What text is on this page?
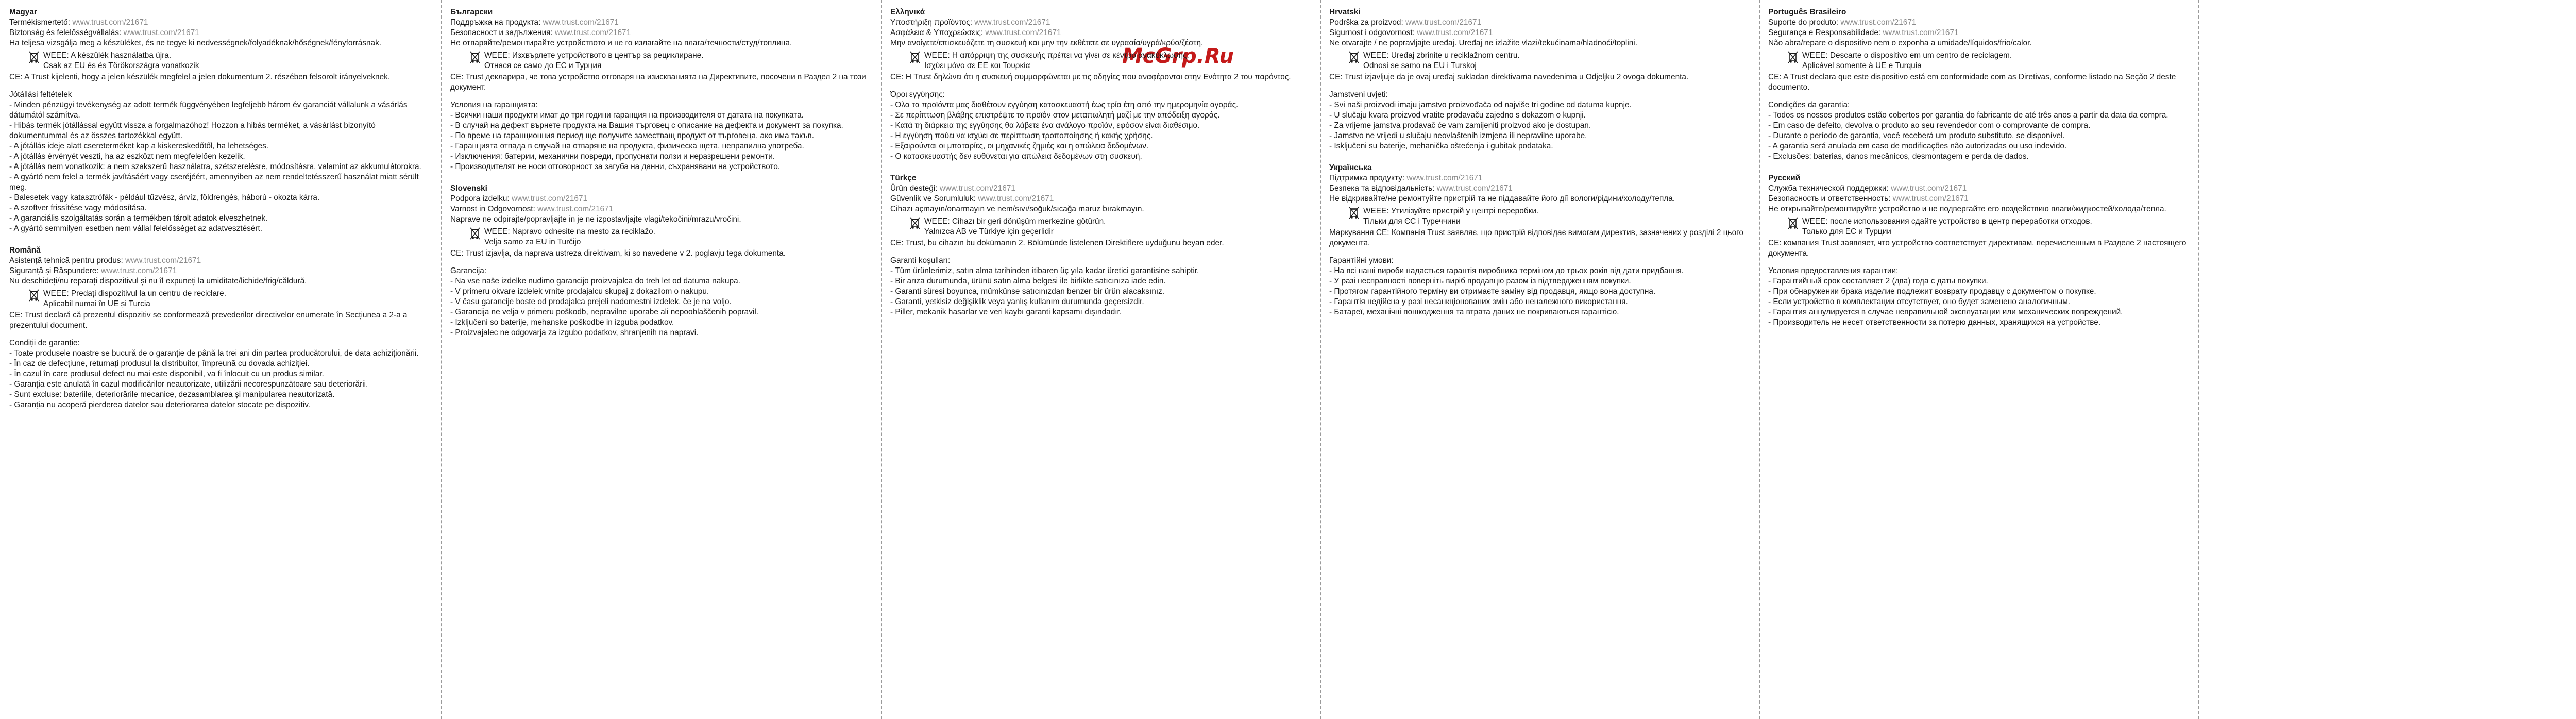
McGrp.Ru
Magyar
Termékismertető: www.trust.com/21671
Biztonság és felelősségvállalás: www.trust.com/21671
Ha teljesa vizsgálja meg a készüléket, és ne tegye ki nedvességnek/folyadéknak/hőségnek/fényforrásnak.
WEEE: A készülék használatba újra.
Csak az EU és és Törökországra vonatkozik

CE: A Trust kijelenti, hogy a jelen készülék megfelel a jelen dokumentum 2. részében felsorolt irányelveknek.

Jótállási feltételek
- Minden pénzügyi tevékenység az adott termék függvényében legfeljebb három év garanciát vállalunk a vásárlás dátumától számítva.
- Hibás termék jótállással együtt vissza a forgalmazóhoz! Hozzon a hibás terméket, a vásárlást bizonyító dokumentummal és az összes tartozékkal együtt.
- A jótállás ideje alatt csereterméket kap a kiskereskedőtől, ha lehetséges.
- A jótállás érvényét veszti, ha az eszközt nem megfelelően kezelik.
- A jótállás nem vonatkozik: a nem szakszerű használatra, szétszerelésre, módosításra, valamint az akkumulátorokra.
- A gyártó nem felel a termék javításáért vagy cseréjéért, amennyiben az nem rendeltetésszerű használat miatt sérült meg.
- Balesetek vagy katasztrófák - például tűzvész, árvíz, földrengés, háború - okozta kárra.
- A szoftver frissítése vagy módosítása.
- A garanciális szolgáltatás során a termékben tárolt adatok elveszhetnek.
- A gyártó semmilyen esetben nem vállal felelősséget az adatvesztésért.
Română
Asistență tehnică pentru produs: www.trust.com/21671
Siguranță și Răspundere: www.trust.com/21671
Nu deschideți/nu reparați dispozitivul și nu îl expuneți la umiditate/lichide/frig/căldură.
WEEE: Predați dispozitivul la un centru de reciclare.
Aplicabil numai în UE și Turcia

CE: Trust declară că prezentul dispozitiv se conformează prevederilor directivelor enumerate în Secțiunea a 2-a a prezentului document.

Condiții de garanție:
- Toate produsele noastre se bucură de o garanție de până la trei ani din partea producătorului, de data achiziționării.
- În caz de defecțiune, returnați produsul la distribuitor, împreună cu dovada achiziției.
- În cazul în care produsul defect nu mai este disponibil, va fi înlocuit cu un produs similar.
- Garanția este anulată în cazul modificărilor neautorizate, utilizării necorespunzătoare sau deteriorării.
- Sunt excluse: bateriile, deteriorările mecanice, dezasamblarea și manipularea neautorizată.
- Garanția nu acoperă pierderea datelor sau deteriorarea datelor stocate pe dispozitiv.
Български
Поддръжка на продукта: www.trust.com/21671
Безопасност и задължения: www.trust.com/21671
Не отваряйте/ремонтирайте устройството и не го излагайте на влага/течности/студ/топлина.
WEEE: Изхвърлете устройството в център за рециклиране.
Отнася се само до ЕС и Турция

CE: Trust декларира, че това устройство отговаря на изискванията на Директивите, посочени в Раздел 2 на този документ.

Условия на гаранцията:
- Всички наши продукти имат до три години гаранция на производителя от датата на покупката.
- В случай на дефект върнете продукта на Вашия търговец с описание на дефекта и документ за покупка.
- По време на гаранционния период ще получите заместващ продукт от търговеца, ако има такъв.
- Гаранцията отпада в случай на отваряне на продукта, физическа щета, неправилна употреба.
- Изключения: батерии, механични повреди, пропуснати ползи и неразрешени ремонти.
- Производителят не носи отговорност за загуба на данни, съхранявани на устройството.
Slovenski
Podpora izdelku: www.trust.com/21671
Varnost in Odgovornost: www.trust.com/21671
Naprave ne odpirajte/popravljajte in je ne izpostavljajte vlagi/tekočini/mrazu/vročini.
WEEE: Napravo odnesite na mesto za reciklažo.
Velja samo za EU in Turčijo

CE: Trust izjavlja, da naprava ustreza direktivam, ki so navedene v 2. poglavju tega dokumenta.

Garancija:
- Na vse naše izdelke nudimo garancijo proizvajalca do treh let od datuma nakupa.
- V primeru okvare izdelek vrnite prodajalcu skupaj z dokazilom o nakupu.
- V času garancije boste od prodajalca prejeli nadomestni izdelek, če je na voljo.
- Garancija ne velja v primeru poškodb, nepravilne uporabe ali nepooblaščenih popravil.
- Izključeni so baterije, mehanske poškodbe in izguba podatkov.
- Proizvajalec ne odgovarja za izgubo podatkov, shranjenih na napravi.
Ελληνικά
Υποστήριξη προϊόντος: www.trust.com/21671
Ασφάλεια & Υποχρεώσεις: www.trust.com/21671
Μην ανοίγετε/επισκευάζετε τη συσκευή και μην την εκθέτετε σε υγρασία/υγρά/κρύο/ζέστη.
WEEE: Η απόρριψη της συσκευής πρέπει να γίνει σε κέντρο ανακύκλωσης.
Ισχύει μόνο σε ΕΕ και Τουρκία

CE: Η Trust δηλώνει ότι η συσκευή συμμορφώνεται με τις οδηγίες που αναφέρονται στην Ενότητα 2 του παρόντος.

Όροι εγγύησης:
- Όλα τα προϊόντα μας διαθέτουν εγγύηση κατασκευαστή έως τρία έτη από την ημερομηνία αγοράς.
- Σε περίπτωση βλάβης επιστρέψτε το προϊόν στον μεταπωλητή μαζί με την απόδειξη αγοράς.
- Κατά τη διάρκεια της εγγύησης θα λάβετε ένα ανάλογο προϊόν, εφόσον είναι διαθέσιμο.
- Η εγγύηση παύει να ισχύει σε περίπτωση τροποποίησης ή κακής χρήσης.
- Εξαιρούνται οι μπαταρίες, οι μηχανικές ζημιές και η απώλεια δεδομένων.
- Ο κατασκευαστής δεν ευθύνεται για απώλεια δεδομένων στη συσκευή.
Türkçe
Ürün desteği: www.trust.com/21671
Güvenlik ve Sorumluluk: www.trust.com/21671
Cihazı açmayın/onarmayın ve nem/sıvı/soğuk/sıcağa maruz bırakmayın.
WEEE: Cihazı bir geri dönüşüm merkezine götürün.
Yalnızca AB ve Türkiye için geçerlidir

CE: Trust, bu cihazın bu dokümanın 2. Bölümünde listelenen Direktiflere uyduğunu beyan eder.

Garanti koşulları:
- Tüm ürünlerimiz, satın alma tarihinden itibaren üç yıla kadar üretici garantisine sahiptir.
- Bir arıza durumunda, ürünü satın alma belgesi ile birlikte satıcınıza iade edin.
- Garanti süresi boyunca, mümkünse satıcınızdan benzer bir ürün alacaksınız.
- Garanti, yetkisiz değişiklik veya yanlış kullanım durumunda geçersizdir.
- Piller, mekanik hasarlar ve veri kaybı garanti kapsamı dışındadır.
Hrvatski
Podrška za proizvod: www.trust.com/21671
Sigurnost i odgovornost: www.trust.com/21671
Ne otvarajte / ne popravljajte uređaj. Uređaj ne izlažite vlazi/tekućinama/hladnoći/toplini.
WEEE: Uređaj zbrinite u reciklažnom centru.
Odnosi se samo na EU i Turskoj

CE: Trust izjavljuje da je ovaj uređaj sukladan direktivama navedenima u Odjeljku 2 ovoga dokumenta.

Jamstveni uvjeti:
- Svi naši proizvodi imaju jamstvo proizvođača od najviše tri godine od datuma kupnje.
- U slučaju kvara proizvod vratite prodavaču zajedno s dokazom o kupnji.
- Za vrijeme jamstva prodavač će vam zamijeniti proizvod ako je dostupan.
- Jamstvo ne vrijedi u slučaju neovlaštenih izmjena ili nepravilne uporabe.
- Isključeni su baterije, mehanička oštećenja i gubitak podataka.
Українська
Підтримка продукту: www.trust.com/21671
Безпека та відповідальність: www.trust.com/21671
Не відкривайте/не ремонтуйте пристрій та не піддавайте його дії вологи/рідини/холоду/тепла.
WEEE: Утилізуйте пристрій у центрі переробки.
Тільки для ЄС і Туреччини

Маркування CE: Компанія Trust заявляє, що пристрій відповідає вимогам директив, зазначених у розділі 2 цього документа.

Гарантійні умови:
- На всі наші вироби надається гарантія виробника терміном до трьох років від дати придбання.
- У разі несправності поверніть виріб продавцю разом із підтвердженням покупки.
- Протягом гарантійного терміну ви отримаєте заміну від продавця, якщо вона доступна.
- Гарантія недійсна у разі несанкціонованих змін або неналежного використання.
- Батареї, механічні пошкодження та втрата даних не покриваються гарантією.
Português Brasileiro
Suporte do produto: www.trust.com/21671
Segurança e Responsabilidade: www.trust.com/21671
Não abra/repare o dispositivo nem o exponha a umidade/líquidos/frio/calor.
WEEE: Descarte o dispositivo em um centro de reciclagem.
Aplicável somente à UE e Turquia

CE: A Trust declara que este dispositivo está em conformidade com as Diretivas, conforme listado na Seção 2 deste documento.

Condições da garantia:
- Todos os nossos produtos estão cobertos por garantia do fabricante de até três anos a partir da data da compra.
- Em caso de defeito, devolva o produto ao seu revendedor com o comprovante de compra.
- Durante o período de garantia, você receberá um produto substituto, se disponível.
- A garantia será anulada em caso de modificações não autorizadas ou uso indevido.
- Exclusões: baterias, danos mecânicos, desmontagem e perda de dados.
Русский
Служба технической поддержки: www.trust.com/21671
Безопасность и ответственность: www.trust.com/21671
Не открывайте/ремонтируйте устройство и не подвергайте его воздействию влаги/жидкостей/холода/тепла.
WEEE: после использования сдайте устройство в центр переработки отходов.
Только для ЕС и Турции

CE: компания Trust заявляет, что устройство соответствует директивам, перечисленным в Разделе 2 настоящего документа.

Условия предоставления гарантии:
- Гарантийный срок составляет 2 (два) года с даты покупки.
- При обнаружении брака изделие подлежит возврату продавцу с документом о покупке.
- Если устройство в комплектации отсутствует, оно будет заменено аналогичным.
- Гарантия аннулируется в случае неправильной эксплуатации или механических повреждений.
- Производитель не несет ответственности за потерю данных, хранящихся на устройстве.
